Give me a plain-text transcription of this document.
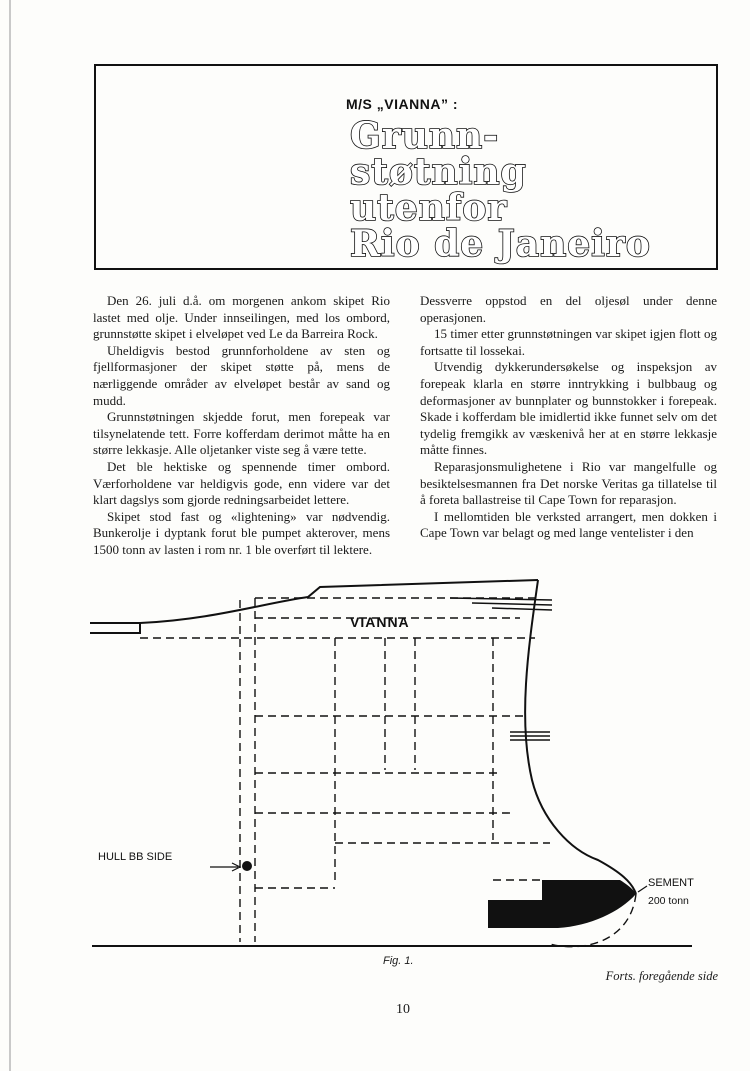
M/S „VIANNA” :
Grunn-
støtning
utenfor
Rio de Janeiro

Den 26. juli d.å. om morgenen ankom skipet Rio lastet med olje. Under innseilingen, med los ombord, grunnstøtte skipet i elveløpet ved Le da Barreira Rock.

Uheldigvis bestod grunnforholdene av sten og fjellformasjoner der skipet støtte på, mens de nærliggende områder av elveløpet består av sand og mudd.

Grunnstøtningen skjedde forut, men forepeak var tilsynelatende tett. Forre kofferdam derimot måtte ha en større lekkasje. Alle oljetanker viste seg å være tette.

Det ble hektiske og spennende timer ombord. Værforholdene var heldigvis gode, enn videre var det klart dagslys som gjorde redningsarbeidet lettere.

Skipet stod fast og «lightening» var nødvendig. Bunkerolje i dyptank forut ble pumpet akterover, mens 1500 tonn av lasten i rom nr. 1 ble overført til lektere.

Dessverre oppstod en del oljesøl under denne operasjonen.

15 timer etter grunnstøtningen var skipet igjen flott og fortsatte til lossekai.

Utvendig dykkerundersøkelse og inspeksjon av forepeak klarla en større inntrykking i bulbbaug og deformasjoner av bunnplater og bunnstokker i forepeak. Skade i kofferdam ble imidlertid ikke funnet selv om det tydelig fremgikk av væskenivå her at en større lekkasje måtte finnes.

Reparasjonsmulighetene i Rio var mangelfulle og besiktelsesmannen fra Det norske Veritas ga tillatelse til å foreta ballastreise til Cape Town for reparasjon.

I mellomtiden ble verksted arrangert, men dokken i Cape Town var belagt og med lange ventelister i den

VIANNA
HULL BB SIDE
SEMENT
200 tonn
Fig. 1.
Forts. foregående side
10
